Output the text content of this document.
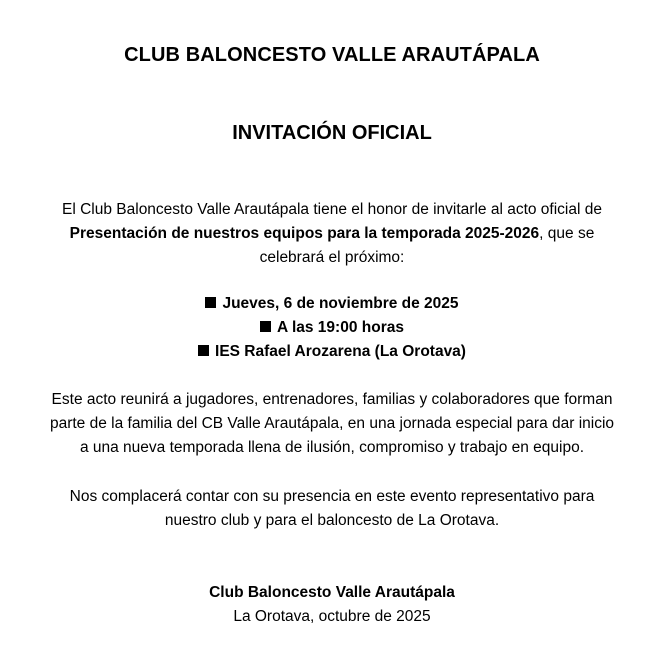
CLUB BALONCESTO VALLE ARAUTÁPALA
INVITACIÓN OFICIAL
El Club Baloncesto Valle Arautápala tiene el honor de invitarle al acto oficial de
Presentación de nuestros equipos para la temporada 2025-2026, que se
celebrará el próximo:
Jueves, 6 de noviembre de 2025
A las 19:00 horas
IES Rafael Arozarena (La Orotava)
Este acto reunirá a jugadores, entrenadores, familias y colaboradores que forman
parte de la familia del CB Valle Arautápala, en una jornada especial para dar inicio
a una nueva temporada llena de ilusión, compromiso y trabajo en equipo.
Nos complacerá contar con su presencia en este evento representativo para
nuestro club y para el baloncesto de La Orotava.
Club Baloncesto Valle Arautápala
La Orotava, octubre de 2025
